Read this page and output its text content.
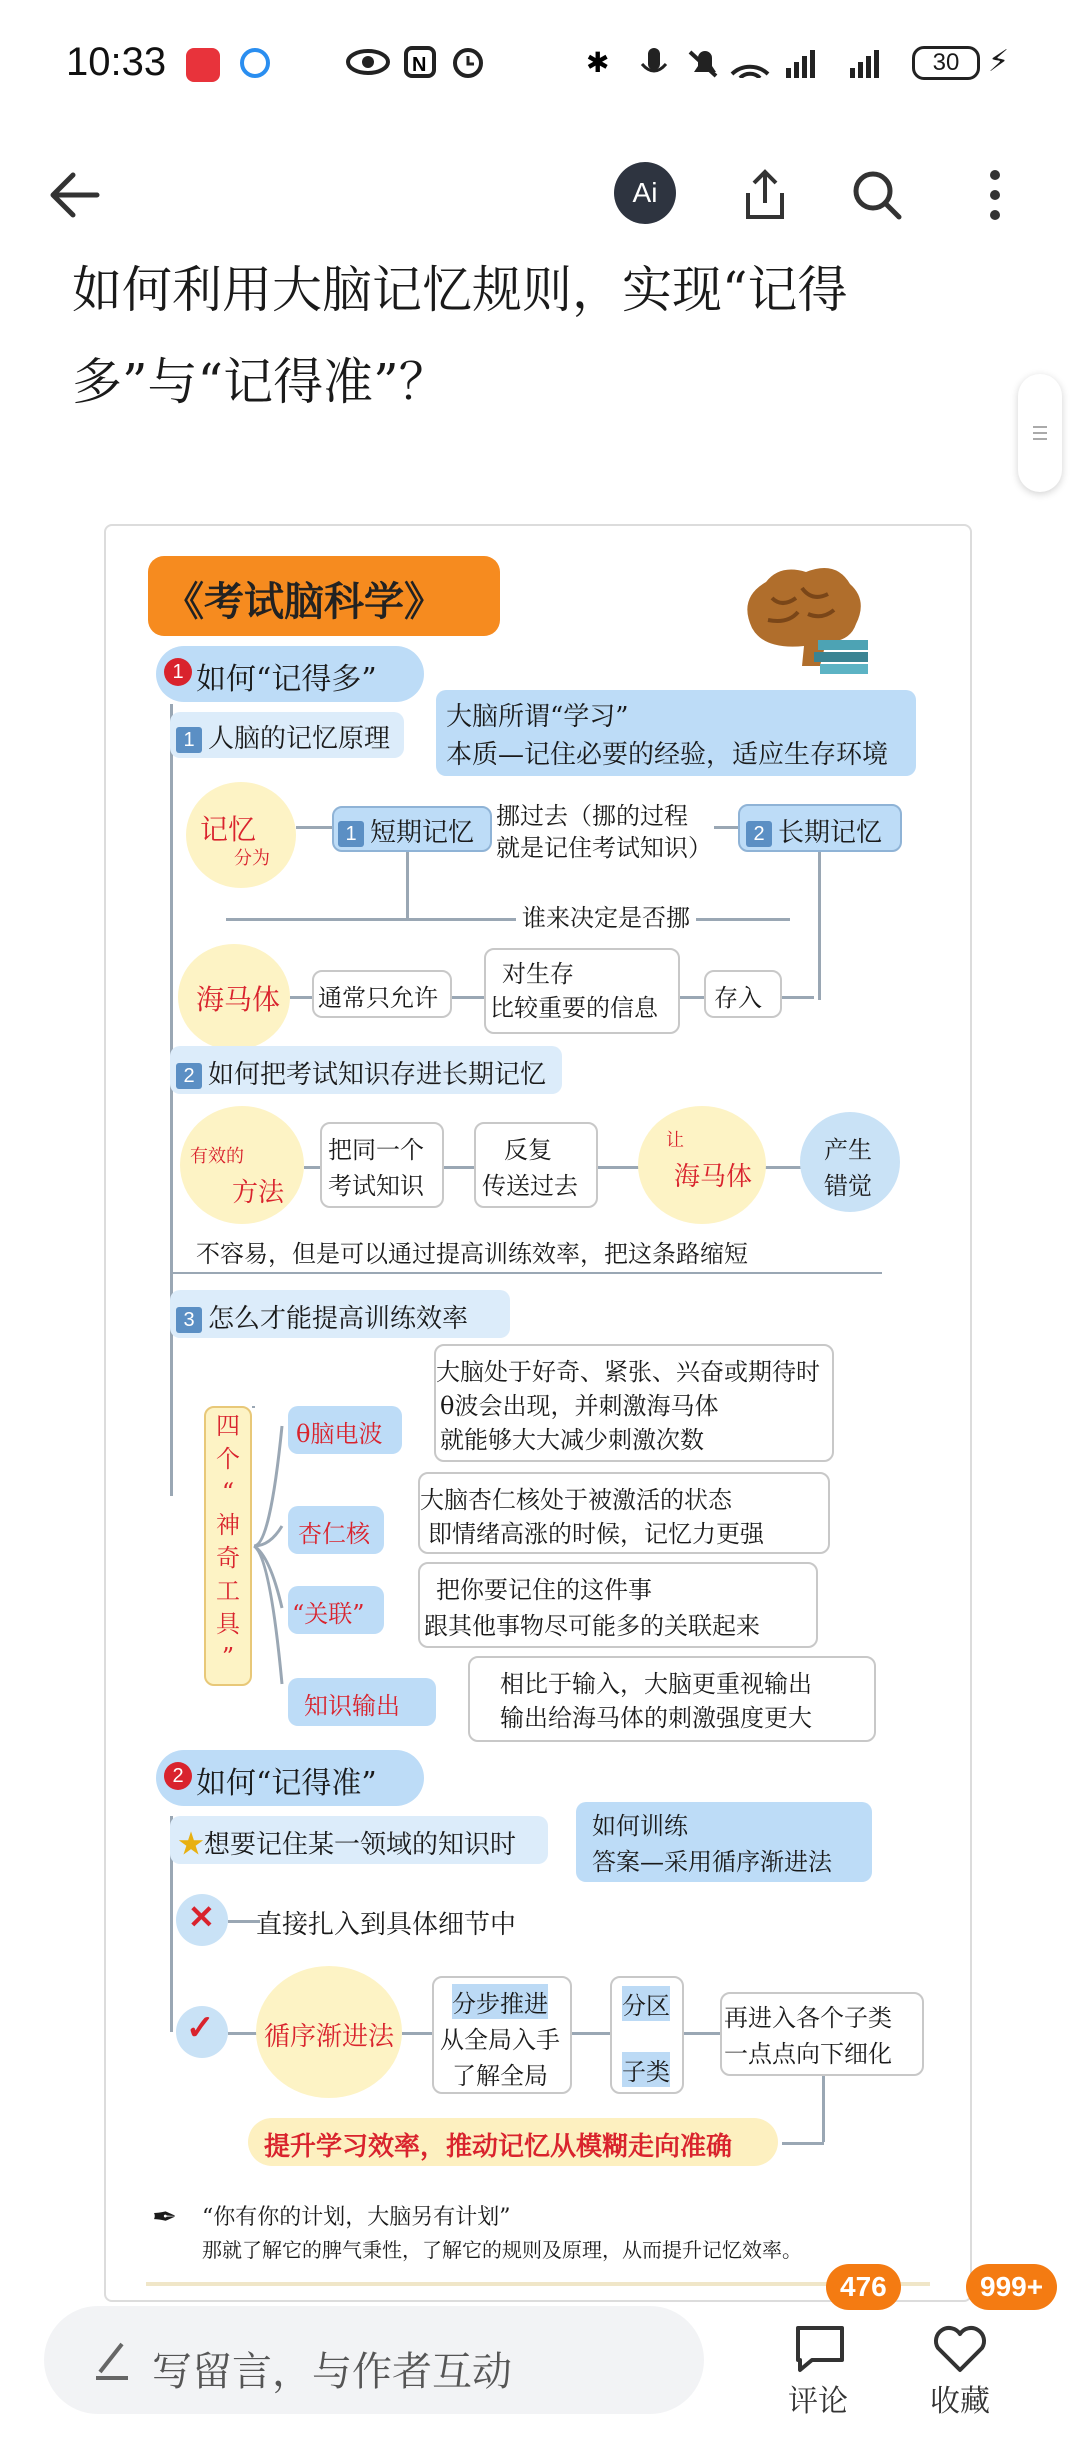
10:33	N	✱	30 ⚡
Ai
如何利用大脑记忆规则，实现“记得多”与“记得准”？
《考试脑科学》
1 如何“记得多”
1 人脑的记忆原理
大脑所谓“学习”
本质—记住必要的经验，适应生存环境
记忆
分为
1 短期记忆
挪过去（挪的过程
就是记住考试知识）	2 长期记忆
谁来决定是否挪
海马体 通常只允许
对生存
比较重要的信息 存入
2 如何把考试知识存进长期记忆
有效的
方法
把同一个
考试知识
反复
传送过去
让
海马体
产生
错觉
不容易，但是可以通过提高训练效率，把这条路缩短
3 怎么才能提高训练效率
四
个
“
神
奇
工
具
”
θ脑电波
大脑处于好奇、紧张、兴奋或期待时
θ波会出现，并刺激海马体
就能够大大减少刺激次数
杏仁核
大脑杏仁核处于被激活的状态
即情绪高涨的时候，记忆力更强
“关联”
把你要记住的这件事
跟其他事物尽可能多的关联起来
知识输出
相比于输入，大脑更重视输出
输出给海马体的刺激强度更大
2 如何“记得准”
★想要记住某一领域的知识时
如何训练
答案—采用循序渐进法
✕ 直接扎入到具体细节中
✓ 循序渐进法
分步推进
从全局入手
了解全局
分区
子类
再进入各个子类
一点点向下细化
提升学习效率，推动记忆从模糊走向准确
✒ “你有你的计划，大脑另有计划”
那就了解它的脾气秉性，了解它的规则及原理，从而提升记忆效率。
写留言，与作者互动
评论
476
收藏
999+
